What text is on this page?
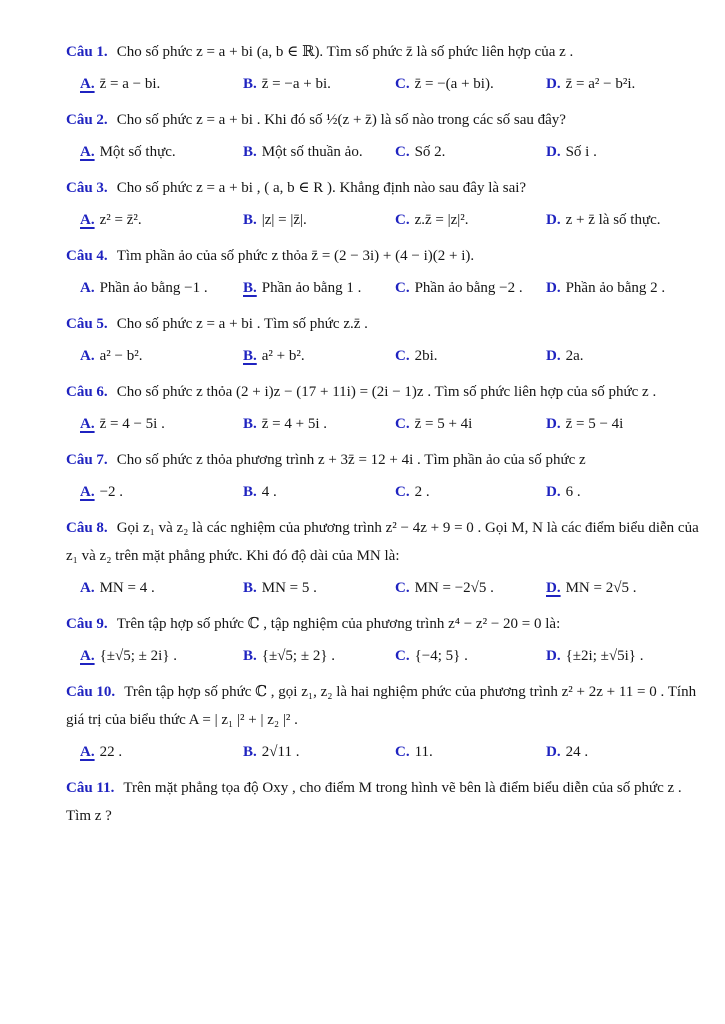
Câu 1. Cho số phức z = a + bi (a, b ∈ ℝ). Tìm số phức z̄ là số phức liên hợp của z .
A. z̄ = a − bi.	B. z̄ = −a + bi.	C. z̄ = −(a + bi).	D. z̄ = a² − b²i.
Câu 2. Cho số phức z = a + bi . Khi đó số ½(z + z̄) là số nào trong các số sau đây?
A. Một số thực.	B. Một số thuần ảo.	C. Số 2.	D. Số i .
Câu 3. Cho số phức z = a + bi , ( a, b ∈ R ). Khẳng định nào sau đây là sai?
A. z² = z̄².	B. |z| = |z̄|.	C. z.z̄ = |z|².	D. z + z̄ là số thực.
Câu 4. Tìm phần ảo của số phức z thỏa z̄ = (2 − 3i) + (4 − i)(2 + i).
A. Phần ảo bằng −1 .	B. Phần ảo bằng 1 .	C. Phần ảo bằng −2 .	D. Phần ảo bằng 2 .
Câu 5. Cho số phức z = a + bi . Tìm số phức z.z̄ .
A. a² − b².	B. a² + b².	C. 2bi.	D. 2a.
Câu 6. Cho số phức z thỏa (2 + i)z − (17 + 11i) = (2i − 1)z . Tìm số phức liên hợp của số phức z .
A. z̄ = 4 − 5i .	B. z̄ = 4 + 5i .	C. z̄ = 5 + 4i	D. z̄ = 5 − 4i
Câu 7. Cho số phức z thỏa phương trình z + 3z̄ = 12 + 4i . Tìm phần ảo của số phức z
A. −2 .	B. 4 .	C. 2 .	D. 6 .
Câu 8. Gọi z₁ và z₂ là các nghiệm của phương trình z² − 4z + 9 = 0 . Gọi M, N là các điểm biểu diễn của z₁ và z₂ trên mặt phẳng phức. Khi đó độ dài của MN là:
A. MN = 4 .	B. MN = 5 .	C. MN = −2√5 .	D. MN = 2√5 .
Câu 9. Trên tập hợp số phức ℂ , tập nghiệm của phương trình z⁴ − z² − 20 = 0 là:
A. {±√5; ± 2i} .	B. {±√5; ± 2} .	C. {−4; 5} .	D. {±2i; ±√5i} .
Câu 10. Trên tập hợp số phức ℂ , gọi z₁, z₂ là hai nghiệm phức của phương trình z² + 2z + 11 = 0 . Tính giá trị của biểu thức A = | z₁ |² + | z₂ |² .
A. 22 .	B. 2√11 .	C. 11.	D. 24 .
Câu 11. Trên mặt phẳng tọa độ Oxy , cho điểm M trong hình vẽ bên là điểm biểu diễn của số phức z . Tìm z ?
